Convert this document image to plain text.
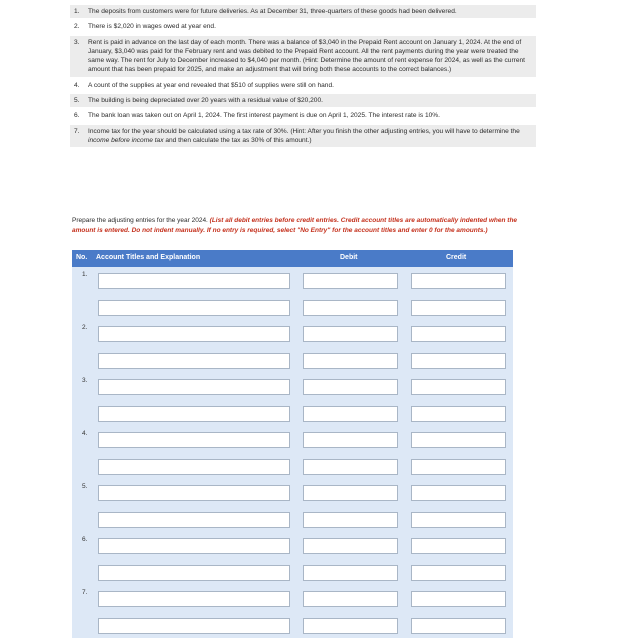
1.	The deposits from customers were for future deliveries. As at December 31, three-quarters of these goods had been delivered.
2.	There is $2,020 in wages owed at year end.
3.	Rent is paid in advance on the last day of each month. There was a balance of $3,040 in the Prepaid Rent account on January 1, 2024. At the end of January, $3,040 was paid for the February rent and was debited to the Prepaid Rent account. All the rent payments during the year were treated the same way. The rent for July to December increased to $4,040 per month. (Hint: Determine the amount of rent expense for 2024, as well as the current amount that has been prepaid for 2025, and make an adjustment that will bring both these accounts to the correct balances.)
4.	A count of the supplies at year end revealed that $510 of supplies were still on hand.
5.	The building is being depreciated over 20 years with a residual value of $20,200.
6.	The bank loan was taken out on April 1, 2024. The first interest payment is due on April 1, 2025. The interest rate is 10%.
7.	Income tax for the year should be calculated using a tax rate of 30%. (Hint: After you finish the other adjusting entries, you will have to determine the income before income tax and then calculate the tax as 30% of this amount.)
Prepare the adjusting entries for the year 2024. (List all debit entries before credit entries. Credit account titles are automatically indented when the amount is entered. Do not indent manually. If no entry is required, select "No Entry" for the account titles and enter 0 for the amounts.)
No. Account Titles and Explanation	Debit	Credit
1.
2.
3.
4.
5.
6.
7.
